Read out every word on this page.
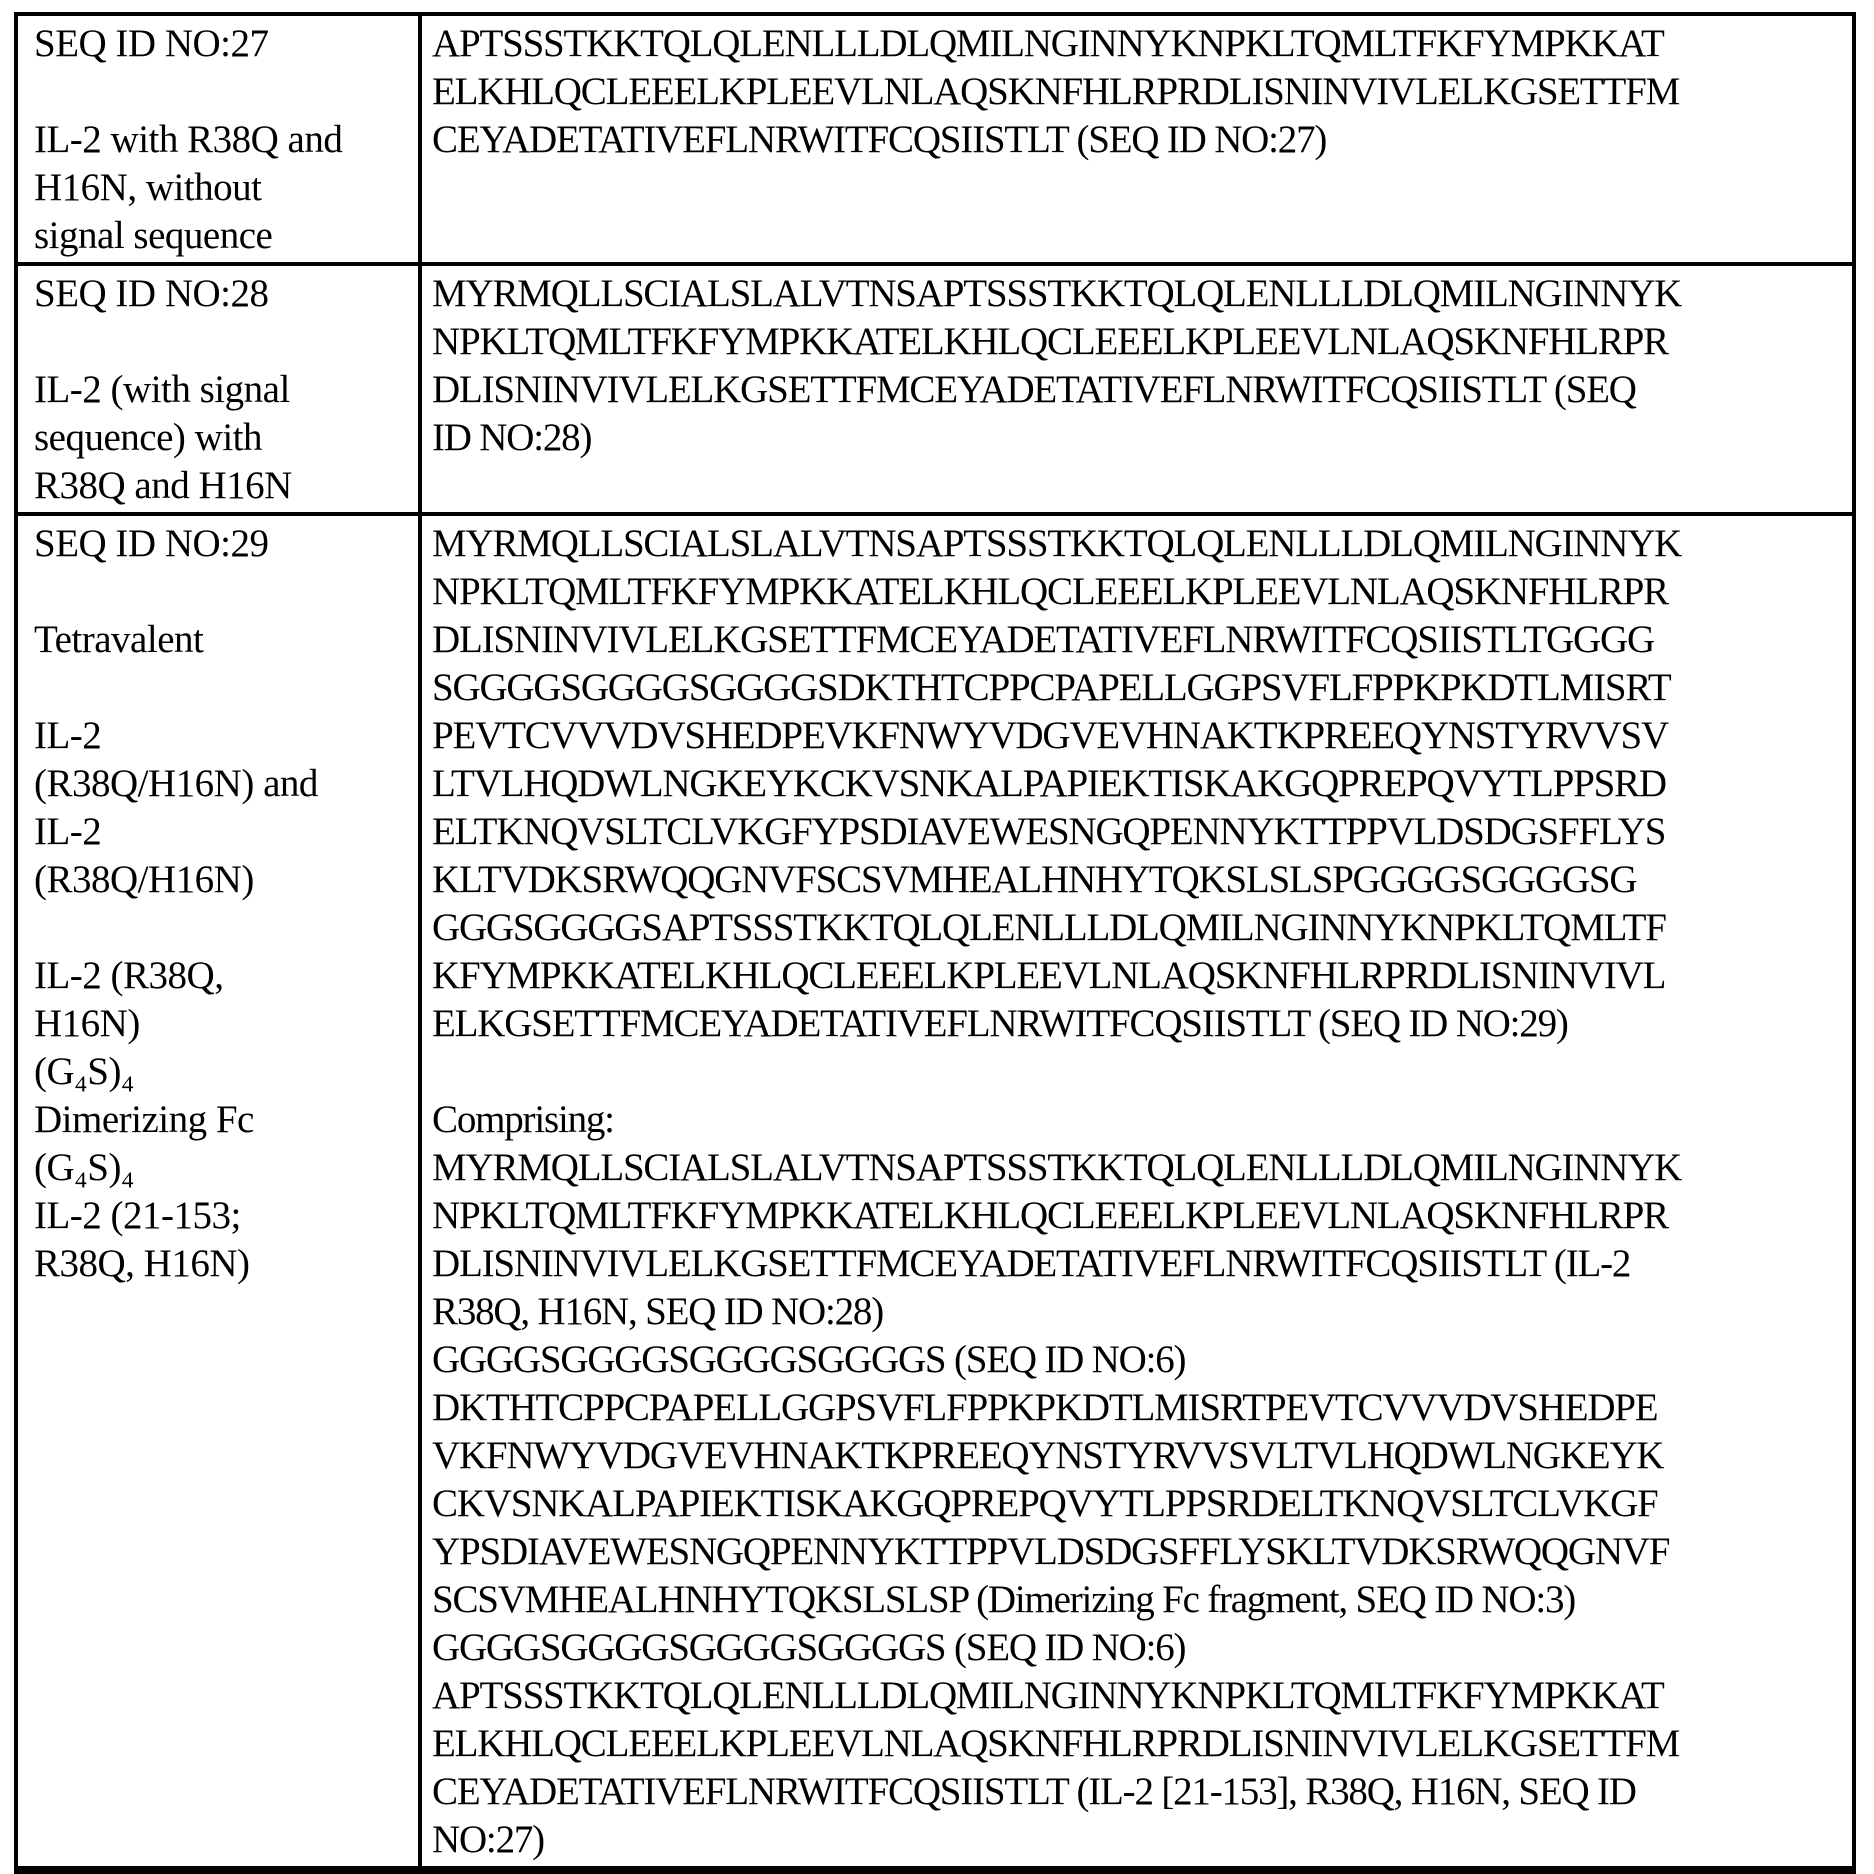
SEQ ID NO:27

IL-2 with R38Q and
H16N, without
signal sequence
APTSSSTKKTQLQLENLLLDLQMILNGINNYKNPKLTQMLTFKFYMPKKAT
ELKHLQCLEEELKPLEEVLNLAQSKNFHLRPRDLISNINVIVLELKGSETTFM
CEYADETATIVEFLNRWITFCQSIISTLT (SEQ ID NO:27)
SEQ ID NO:28

IL-2 (with signal
sequence) with
R38Q and H16N
MYRMQLLSCIALSLALVTNSAPTSSSTKKTQLQLENLLLDLQMILNGINNYK
NPKLTQMLTFKFYMPKKATELKHLQCLEEELKPLEEVLNLAQSKNFHLRPR
DLISNINVIVLELKGSETTFMCEYADETATIVEFLNRWITFCQSIISTLT (SEQ
ID NO:28)
SEQ ID NO:29

Tetravalent

IL-2
(R38Q/H16N) and
IL-2
(R38Q/H16N)

IL-2 (R38Q,
H16N)
(G₄S)₄
Dimerizing Fc
(G₄S)₄
IL-2 (21-153;
R38Q, H16N)
MYRMQLLSCIALSLALVTNSAPTSSSTKKTQLQLENLLLDLQMILNGINNYK
NPKLTQMLTFKFYMPKKATELKHLQCLEEELKPLEEVLNLAQSKNFHLRPR
DLISNINVIVLELKGSETTFMCEYADETATIVEFLNRWITFCQSIISTLTGGGG
SGGGGSGGGGSGGGGSDKTHTCPPCPAPELLGGPSVFLFPPKPKDTLMISRT
PEVTCVVVDVSHEDPEVKFNWYVDGVEVHNAKTKPREEQYNSTYRVVSV
LTVLHQDWLNGKEYKCKVSNKALPAPIEKTISKAKGQPREPQVYTLPPSRD
ELTKNQVSLTCLVKGFYPSDIAVEWESNGQPENNYKTTPPVLDSDGSFFLYS
KLTVDKSRWQQGNVFSCSVMHEALHNHYTQKSLSLSPGGGGSGGGGSG
GGGSGGGGSAPTSSSTKKTQLQLENLLLDLQMILNGINNYKNPKLTQMLTF
KFYMPKKATELKHLQCLEEELKPLEEVLNLAQSKNFHLRPRDLISNINVIVL
ELKGSETTFMCEYADETATIVEFLNRWITFCQSIISTLT (SEQ ID NO:29)

Comprising:
MYRMQLLSCIALSLALVTNSAPTSSSTKKTQLQLENLLLDLQMILNGINNYK
NPKLTQMLTFKFYMPKKATELKHLQCLEEELKPLEEVLNLAQSKNFHLRPR
DLISNINVIVLELKGSETTFMCEYADETATIVEFLNRWITFCQSIISTLT (IL-2
R38Q, H16N, SEQ ID NO:28)
GGGGSGGGGSGGGGSGGGGS (SEQ ID NO:6)
DKTHTCPPCPAPELLGGPSVFLFPPKPKDTLMISRTPEVTCVVVDVSHEDPE
VKFNWYVDGVEVHNAKTKPREEQYNSTYRVVSVLTVLHQDWLNGKEYK
CKVSNKALPAPIEKTISKAKGQPREPQVYTLPPSRDELTKNQVSLTCLVKGF
YPSDIAVEWESNGQPENNYKTTPPVLDSDGSFFLYSKLTVDKSRWQQGNVF
SCSVMHEALHNHYTQKSLSLSP (Dimerizing Fc fragment, SEQ ID NO:3)
GGGGSGGGGSGGGGSGGGGS (SEQ ID NO:6)
APTSSSTKKTQLQLENLLLDLQMILNGINNYKNPKLTQMLTFKFYMPKKAT
ELKHLQCLEEELKPLEEVLNLAQSKNFHLRPRDLISNINVIVLELKGSETTFM
CEYADETATIVEFLNRWITFCQSIISTLT (IL-2 [21-153], R38Q, H16N, SEQ ID
NO:27)
